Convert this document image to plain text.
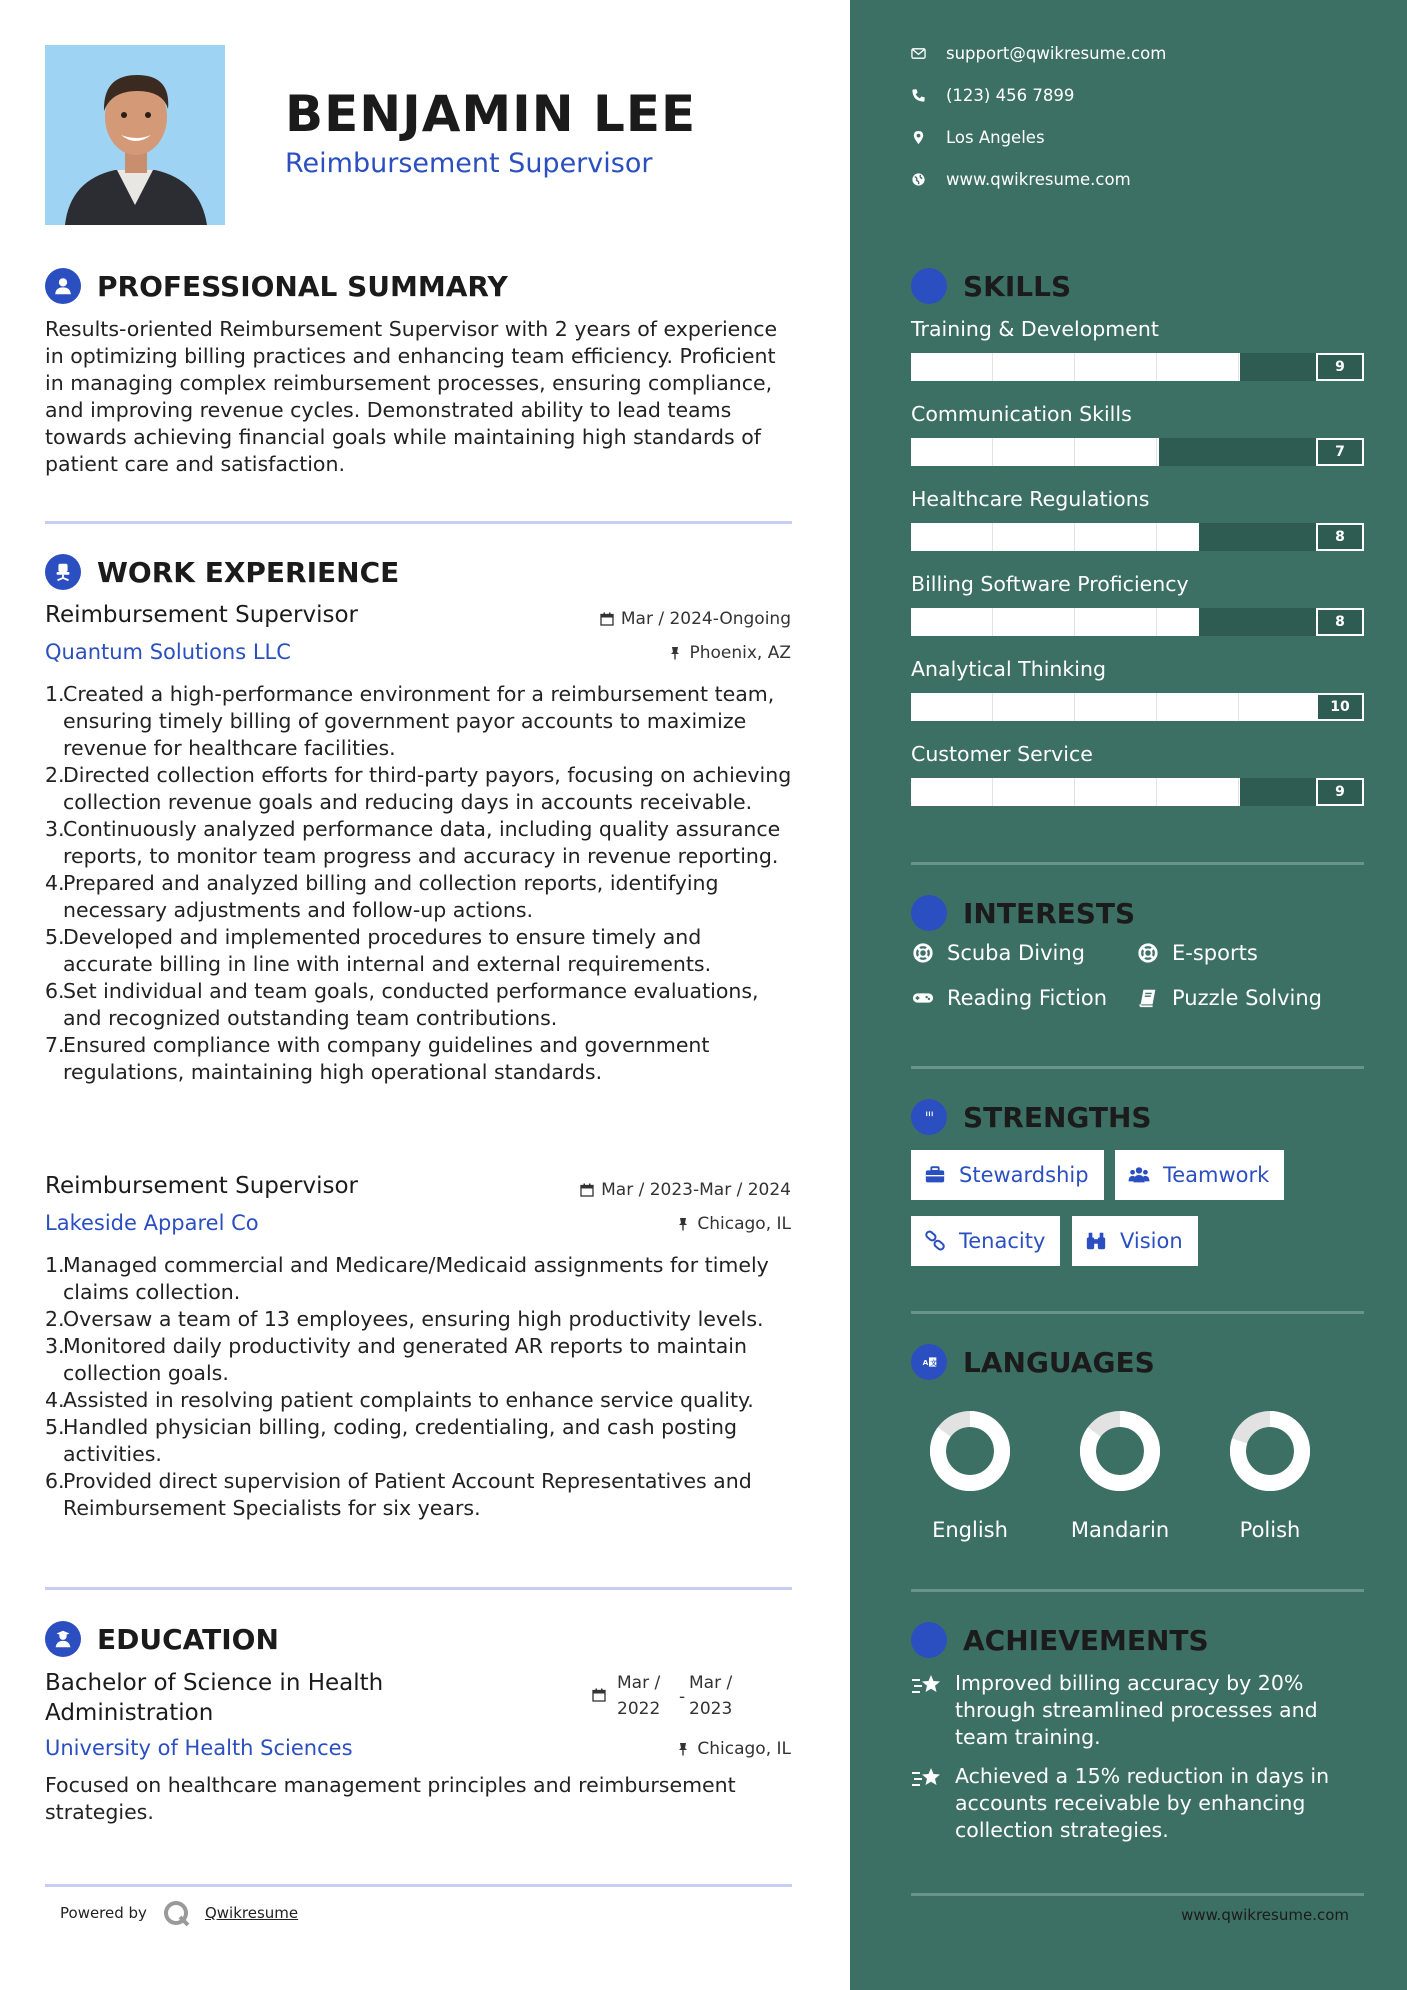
BENJAMIN LEE
Reimbursement Supervisor
PROFESSIONAL SUMMARY
Results-oriented Reimbursement Supervisor with 2 years of experience in optimizing billing practices and enhancing team efficiency. Proficient in managing complex reimbursement processes, ensuring compliance, and improving revenue cycles. Demonstrated ability to lead teams towards achieving financial goals while maintaining high standards of patient care and satisfaction.
WORK EXPERIENCE
Reimbursement Supervisor	Mar / 2024-Ongoing
Quantum Solutions LLC	Phoenix, AZ
1.
Created a high-performance environment for a reimbursement team, ensuring timely billing of government payor accounts to maximize revenue for healthcare facilities.
2.
Directed collection efforts for third-party payors, focusing on achieving collection revenue goals and reducing days in accounts receivable.
3.
Continuously analyzed performance data, including quality assurance reports, to monitor team progress and accuracy in revenue reporting.
4.
Prepared and analyzed billing and collection reports, identifying necessary adjustments and follow-up actions.
5.
Developed and implemented procedures to ensure timely and accurate billing in line with internal and external requirements.
6.
Set individual and team goals, conducted performance evaluations, and recognized outstanding team contributions.
7.
Ensured compliance with company guidelines and government regulations, maintaining high operational standards.
Reimbursement Supervisor	Mar / 2023-Mar / 2024
Lakeside Apparel Co	Chicago, IL
1.
Managed commercial and Medicare/Medicaid assignments for timely claims collection.
2.
Oversaw a team of 13 employees, ensuring high productivity levels.
3.
Monitored daily productivity and generated AR reports to maintain collection goals.
4.
Assisted in resolving patient complaints to enhance service quality.
5.
Handled physician billing, coding, credentialing, and cash posting activities.
6.
Provided direct supervision of Patient Account Representatives and Reimbursement Specialists for six years.
EDUCATION
Bachelor of Science in Health
Administration
Mar /
2022
-
Mar /
2023
University of Health Sciences	Chicago, IL
Focused on healthcare management principles and reimbursement strategies.
Powered by	Qwikresume
support@qwikresume.com
(123) 456 7899
Los Angeles
www.qwikresume.com
SKILLS
Training & Development
9
Communication Skills
7
Healthcare Regulations
8
Billing Software Proficiency
8
Analytical Thinking
10
Customer Service
9
INTERESTS
Scuba Diving	E-sports
Reading Fiction	Puzzle Solving
STRENGTHS
Stewardship	Teamwork
Tenacity	Vision
A 文 LANGUAGES
English	Mandarin	Polish
ACHIEVEMENTS
Improved billing accuracy by 20% through streamlined processes and team training.
Achieved a 15% reduction in days in accounts receivable by enhancing collection strategies.
www.qwikresume.com
